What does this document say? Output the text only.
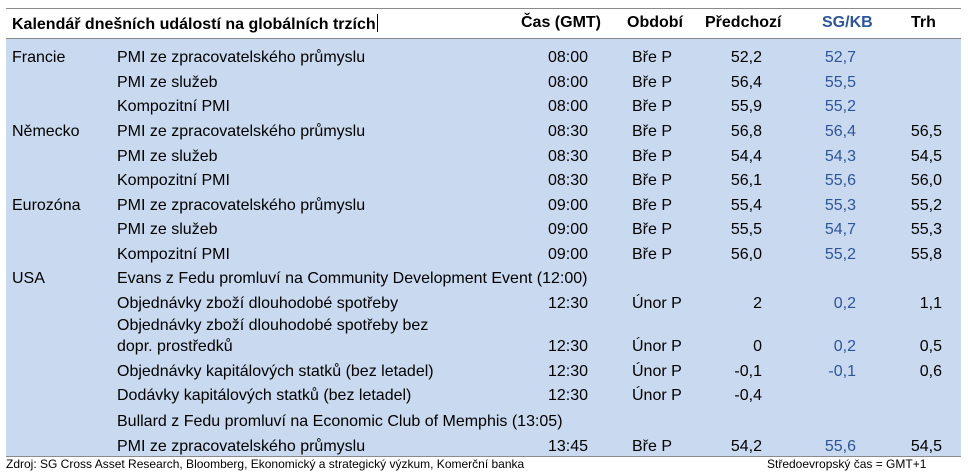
Kalendář dnešních událostí na globálních trzích	Čas (GMT) Období Předchozí	SG/KB Trh
Francie	PMI ze zpracovatelského průmyslu	08:00	Bře P	52,2	52,7
PMI ze služeb	08:00	Bře P	56,4	55,5
Kompozitní PMI	08:00	Bře P	55,9	55,2
Německo PMI ze zpracovatelského průmyslu	08:30	Bře P	56,8	56,4	56,5
PMI ze služeb	08:30	Bře P	54,4	54,3	54,5
Kompozitní PMI	08:30	Bře P	56,1	55,6	56,0
Eurozóna PMI ze zpracovatelského průmyslu	09:00	Bře P	55,4	55,3	55,2
PMI ze služeb	09:00	Bře P	55,5	54,7	55,3
Kompozitní PMI	09:00	Bře P	56,0	55,2	55,8
USA	Evans z Fedu promluví na Community Development Event (12:00)
Objednávky zboží dlouhodobé spotřeby	12:30	Únor P	2	0,2	1,1
Objednávky zboží dlouhodobé spotřeby bez
dopr. prostředků	12:30	Únor P	0	0,2	0,5
Objednávky kapitálových statků (bez letadel)	12:30	Únor P	-0,1	-0,1	0,6
Dodávky kapitálových statků (bez letadel)	12:30	Únor P	-0,4
Bullard z Fedu promluví na Economic Club of Memphis (13:05)
PMI ze zpracovatelského průmyslu	13:45	Bře P	54,2	55,6	54,5
Zdroj: SG Cross Asset Research, Bloomberg, Ekonomický a strategický výzkum, Komerční banka	Středoevropský čas = GMT+1
